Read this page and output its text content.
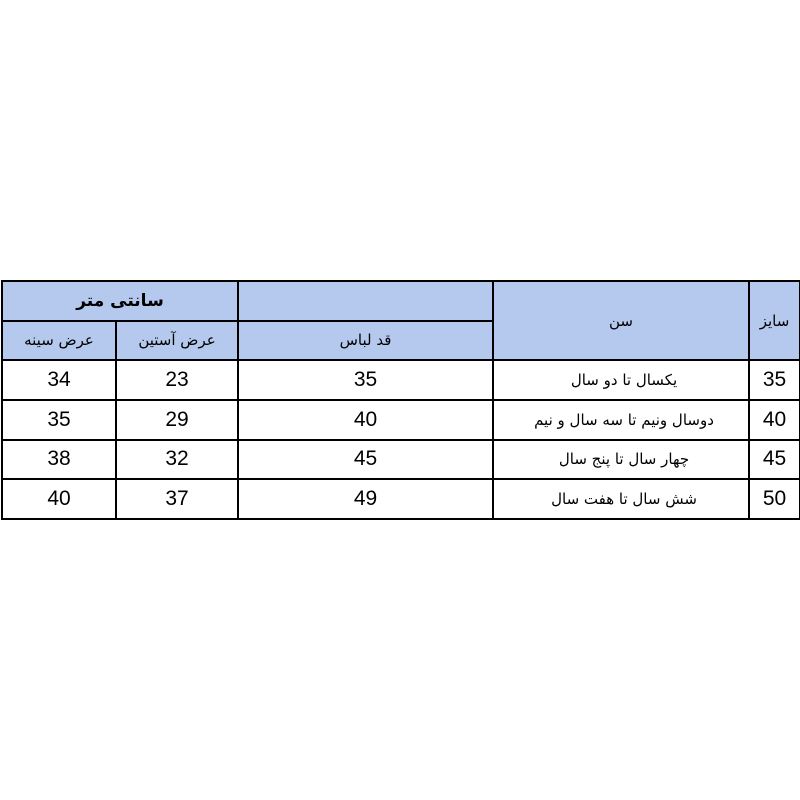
سانتی متر			سن	سایز
عرض سینه	عرض آستین	قد لباس		
34	23	35	یکسال تا دو سال	35
35	29	40	دوسال ونیم تا سه سال و نیم	40
38	32	45	چهار سال تا پنج سال	45
40	37	49	شش سال تا هفت سال	50
